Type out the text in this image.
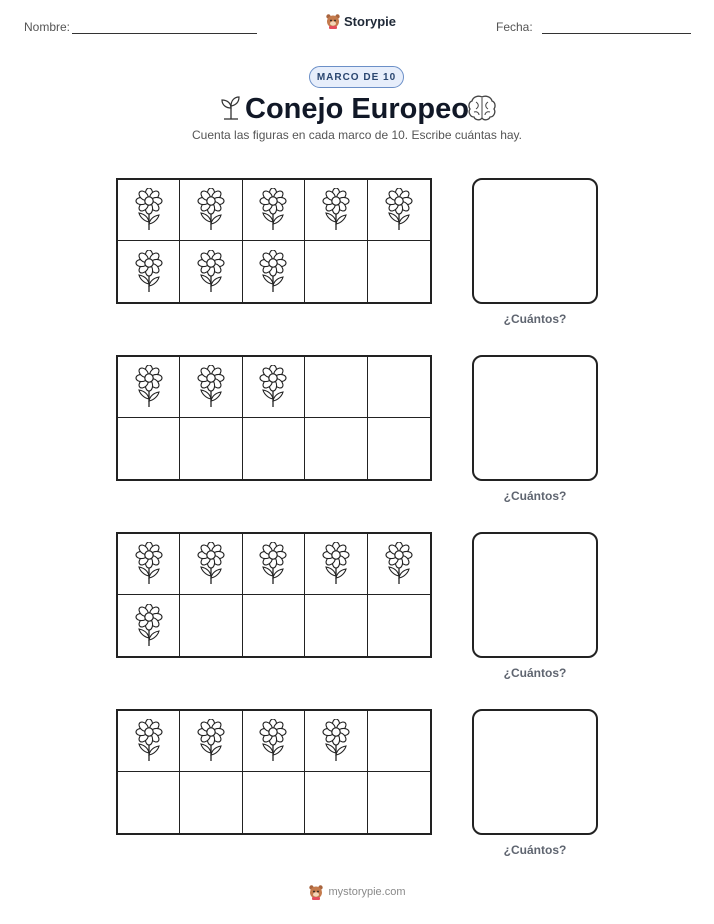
Nombre:	Storypie	Fecha:
MARCO DE 10
Conejo Europeo
Cuenta las figuras en cada marco de 10. Escribe cuántas hay.
¿Cuántos?
¿Cuántos?
¿Cuántos?
¿Cuántos?
mystorypie.com
